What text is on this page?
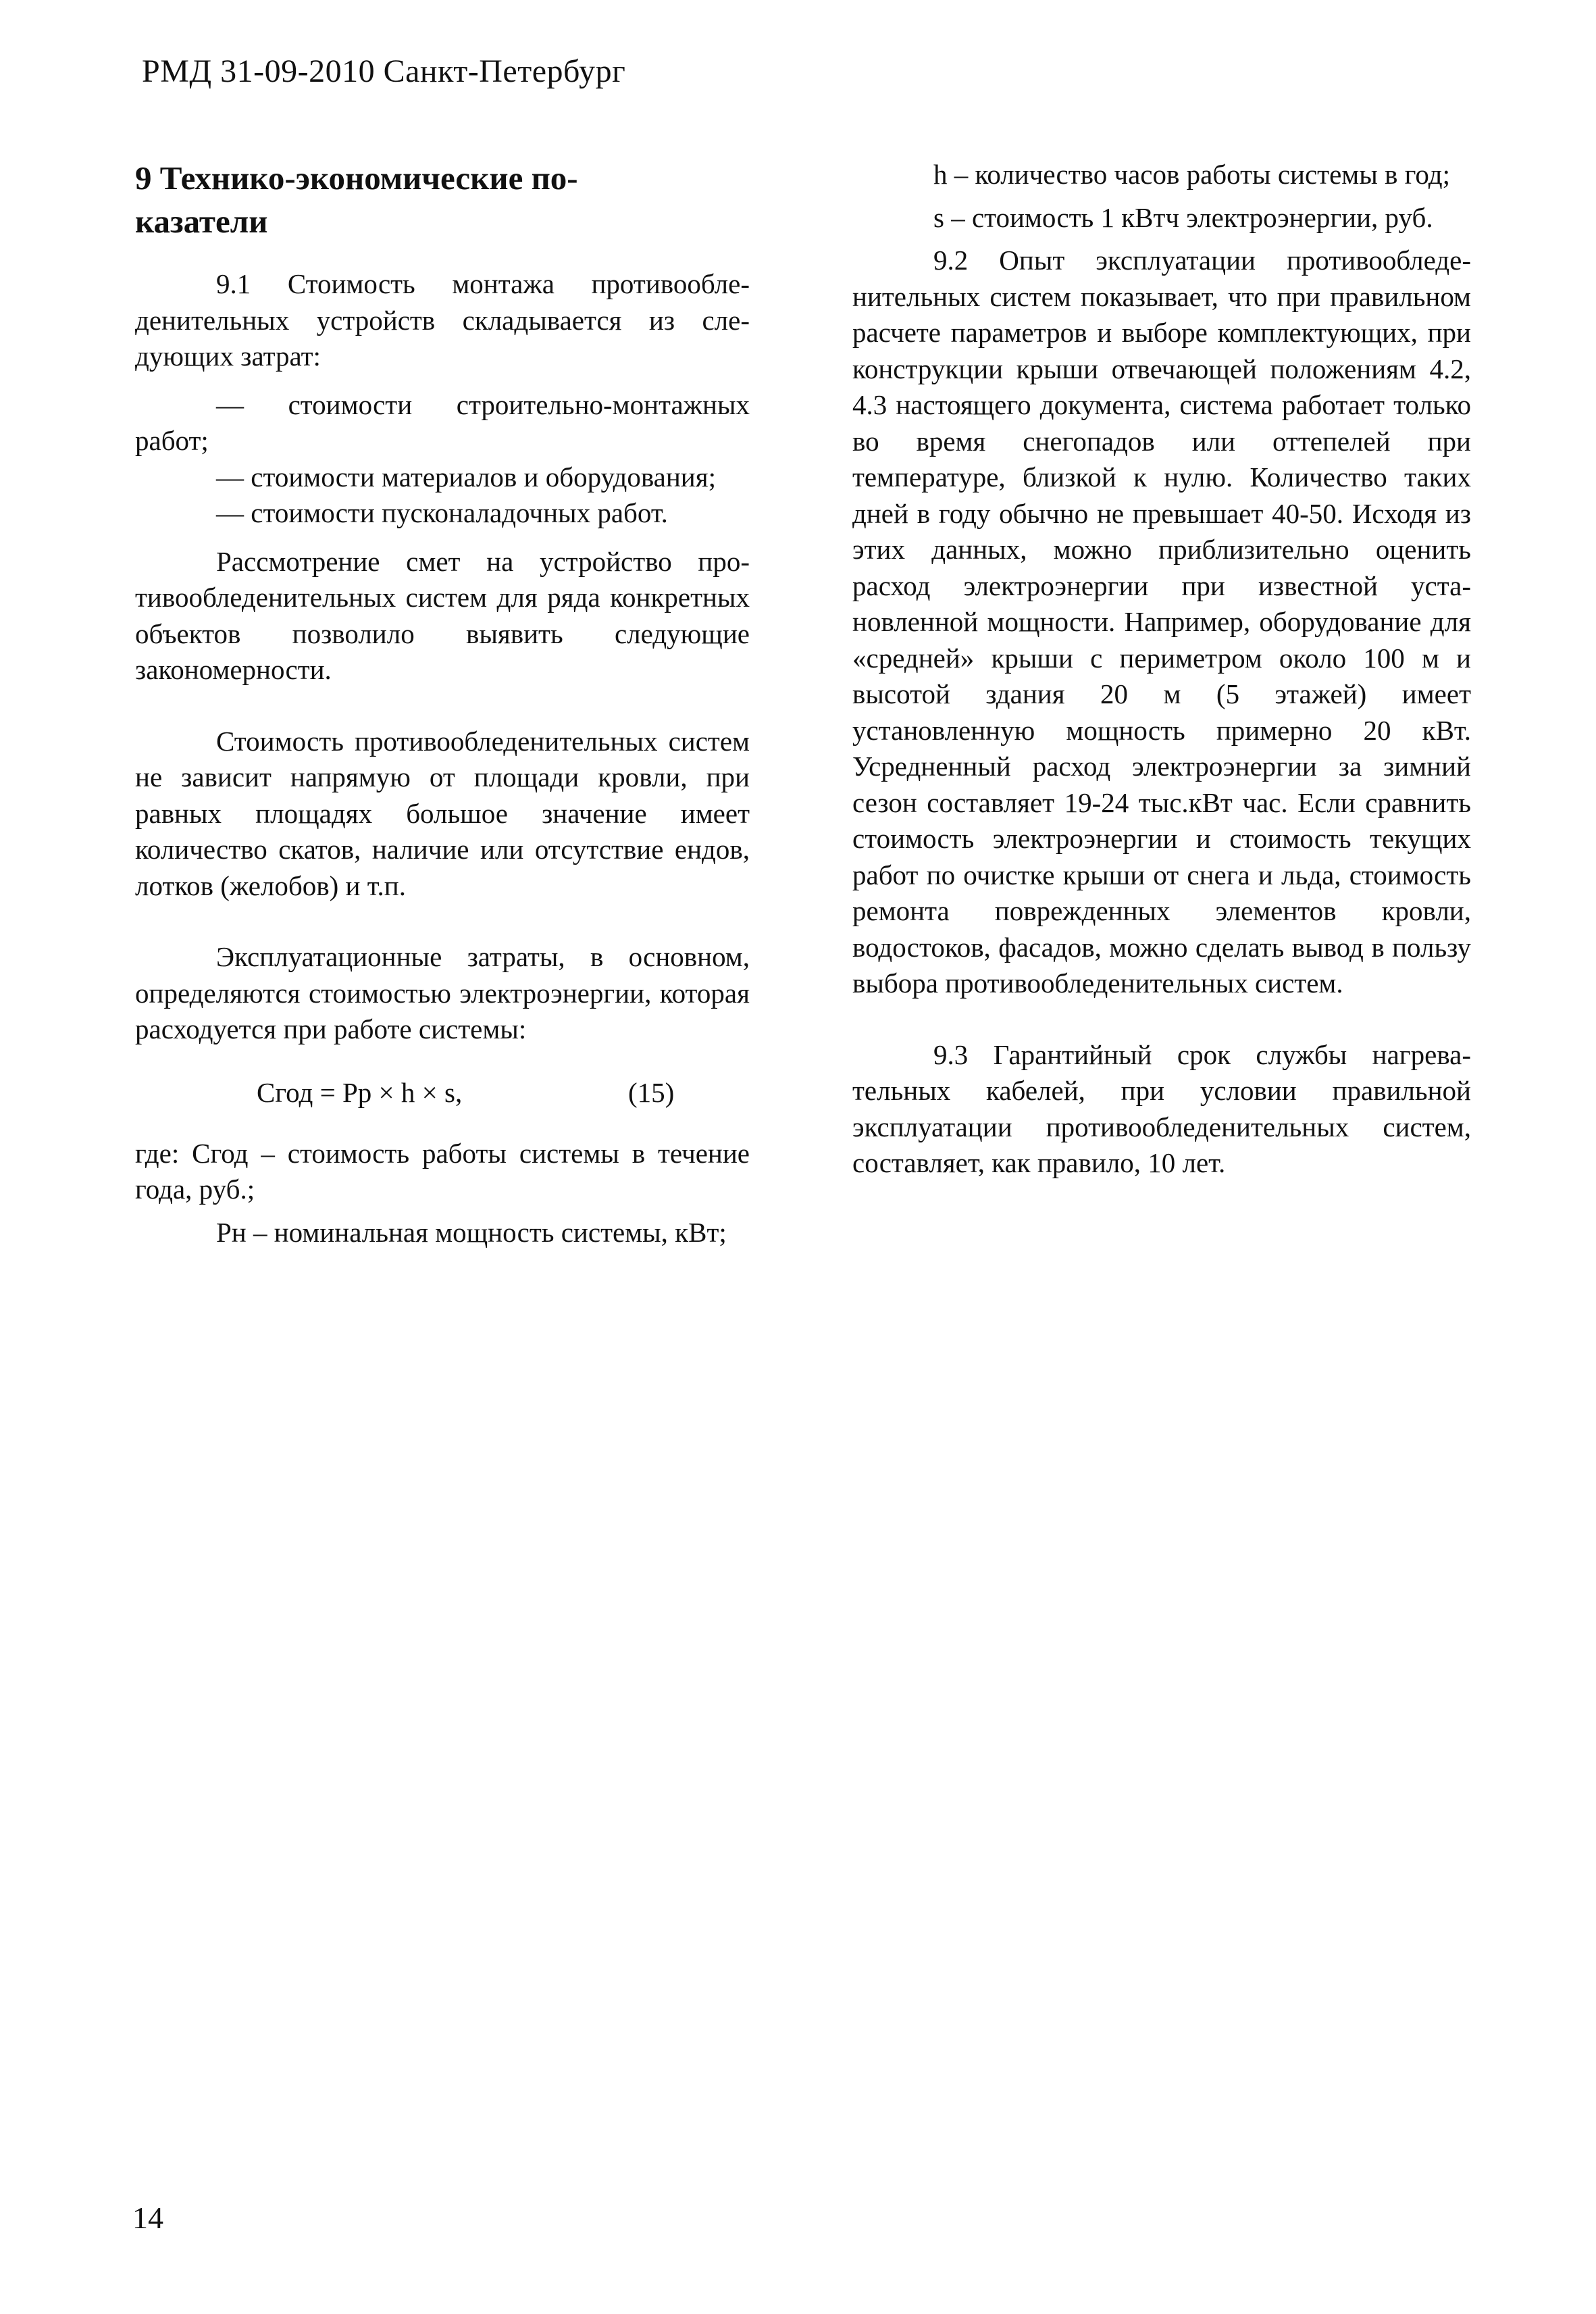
РМД 31-09-2010 Санкт-Петербург
9 Технико-экономические по-
казатели

9.1 Стоимость монтажа противообледенительных устройств складывается из следующих затрат:

— стоимости строительно-монтажных работ;

— стоимости материалов и оборудования;

— стоимости пусконаладочных работ.

Рассмотрение смет на устройство противообледенительных систем для ряда конкретных объектов позволило выявить следующие закономерности.

Стоимость противообледенительных систем не зависит напрямую от площади кровли, при равных площадях большое значение имеет количество скатов, наличие или отсутствие ендов, лотков (желобов) и т.п.

Эксплуатационные затраты, в основном, определяются стоимостью электроэнергии, которая расходуется при работе системы:

Cгод = Pр × h × s,	(15)

где: Cгод – стоимость работы системы в течение года, руб.;

Pн – номинальная мощность системы, кВт;

h – количество часов работы системы в год;

s – стоимость 1 кВтч электроэнергии, руб.

9.2 Опыт эксплуатации противообледенительных систем показывает, что при правильном расчете параметров и выборе комплектующих, при конструкции крыши отвечающей положениям 4.2, 4.3 настоящего документа, система работает только во время снегопадов или оттепелей при температуре, близкой к нулю. Количество таких дней в году обычно не превышает 40-50. Исходя из этих данных, можно приблизительно оценить расход электроэнергии при известной установленной мощности. Например, оборудование для «средней» крыши с периметром около 100 м и высотой здания 20 м (5 этажей) имеет установленную мощность примерно 20 кВт. Усредненный расход электроэнергии за зимний сезон составляет 19-24 тыс.кВт час. Если сравнить стоимость электроэнергии и стоимость текущих работ по очистке крыши от снега и льда, стоимость ремонта поврежденных элементов кровли, водостоков, фасадов, можно сделать вывод в пользу выбора противообледенительных систем.

9.3 Гарантийный срок службы нагревательных кабелей, при условии правильной эксплуатации противообледенительных систем, составляет, как правило, 10 лет.

14
